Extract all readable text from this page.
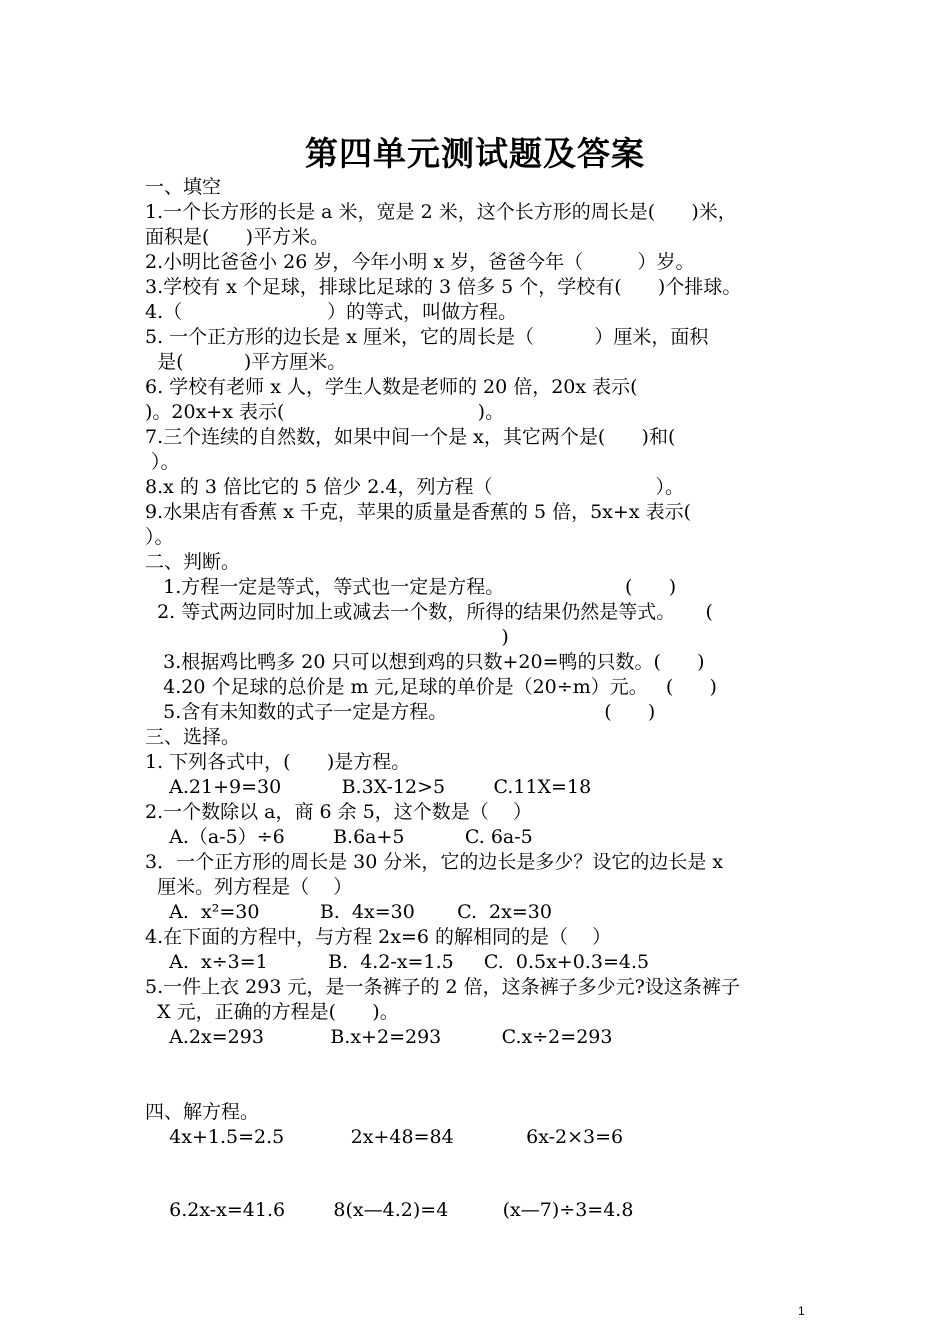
第四单元测试题及答案
一、填空
1.一个长方形的长是 a 米，宽是 2 米，这个长方形的周长是(      )米，
面积是(      )平方米。
2.小明比爸爸小 26 岁，今年小明 x 岁，爸爸今年（         ）岁。
3.学校有 x 个足球，排球比足球的 3 倍多 5 个，学校有(      )个排球。
4.（                        ）的等式，叫做方程。
5. 一个正方形的边长是 x 厘米，它的周长是（          ）厘米，面积
是(          )平方厘米。
6. 学校有老师 x 人，学生人数是老师的 20 倍，20x 表示(
)。20x+x 表示(                                )。
7.三个连续的自然数，如果中间一个是 x，其它两个是(      )和(
）。
8.x 的 3 倍比它的 5 倍少 2.4，列方程（                           ）。
9.水果店有香蕉 x 千克，苹果的质量是香蕉的 5 倍，5x+x 表示(
）。
二、判断。
1.方程一定是等式，等式也一定是方程。                    (      )
2. 等式两边同时加上或减去一个数，所得的结果仍然是等式。     (
)
3.根据鸡比鸭多 20 只可以想到鸡的只数+20=鸭的只数。(      )
4.20 个足球的总价是 m 元,足球的单价是（20÷m）元。   (      )
5.含有未知数的式子一定是方程。                          (      )
三、选择。
1. 下列各式中，(      )是方程。
A.21+9=30          B.3X-12>5        C.11X=18
2.一个数除以 a，商 6 余 5，这个数是（    ）
A.（a-5）÷6        B.6a+5          C. 6a-5
3．一个正方形的周长是 30 分米，它的边长是多少？设它的边长是 x
厘米。列方程是（    ）
A.  x²=30          B.  4x=30       C.  2x=30
4.在下面的方程中，与方程 2x=6 的解相同的是（    ）
A.  x÷3=1          B.  4.2-x=1.5     C.  0.5x+0.3=4.5
5.一件上衣 293 元，是一条裤子的 2 倍，这条裤子多少元?设这条裤子
X 元，正确的方程是(      )。
A.2x=293           B.x+2=293          C.x÷2=293
四、解方程。
4x+1.5=2.5           2x+48=84            6x-2×3=6
6.2x-x=41.6        8(x—4.2)=4         (x—7)÷3=4.8
1
